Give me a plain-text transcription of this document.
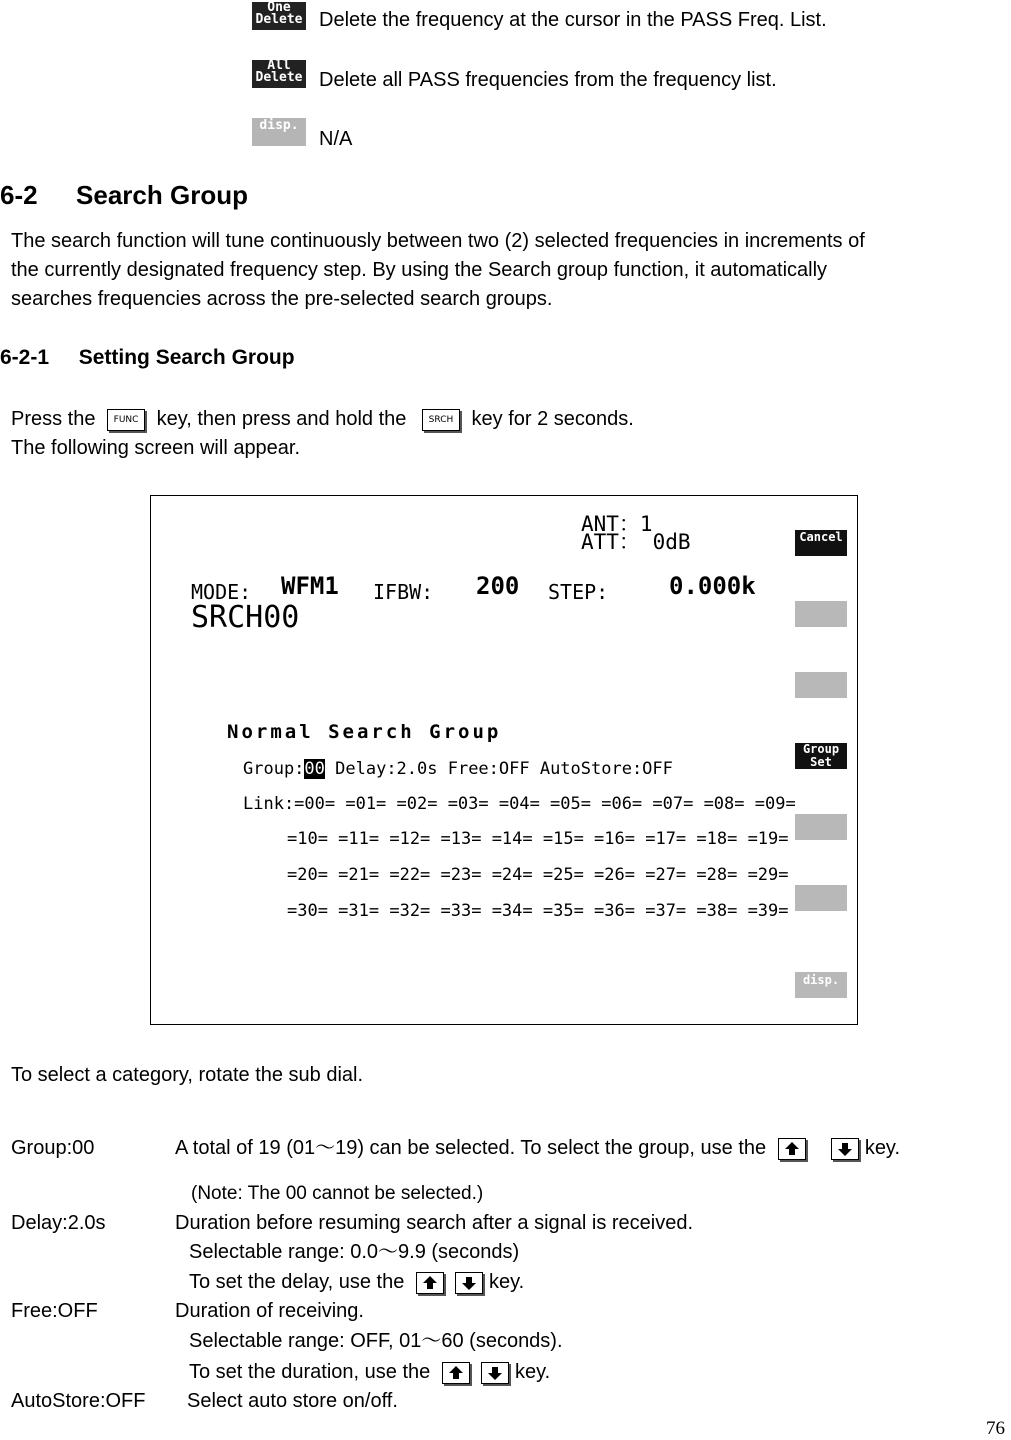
One
Delete Delete the frequency at the cursor in the PASS Freq. List.
All
Delete Delete all PASS frequencies from the frequency list.
disp.
N/A
6-2 Search Group
The search function will tune continuously between two (2) selected frequencies in increments of
the currently designated frequency step. By using the Search group function, it automatically
searches frequencies across the pre-selected search groups.
6-2-1 Setting Search Group
Press the FUNC key, then press and hold the SRCH key for 2 seconds.
The following screen will appear.
ANT：1
ATT： 0dB
MODE: WFM1 IFBW: 200 STEP:	0.000k
SRCH00
Normal Search Group
Group:00 Delay:2.0s Free:OFF AutoStore:OFF
Link:=00= =01= =02= =03= =04= =05= =06= =07= =08= =09=
=10= =11= =12= =13= =14= =15= =16= =17= =18= =19=
=20= =21= =22= =23= =24= =25= =26= =27= =28= =29=
=30= =31= =32= =33= =34= =35= =36= =37= =38= =39=
Cancel
Group
Set
disp.
To select a category, rotate the sub dial.
Group:00	A total of 19 (01～19) can be selected. To select the group, use the
	key.
(Note: The 00 cannot be selected.)
Delay:2.0s	Duration before resuming search after a signal is received.
Selectable range: 0.0～9.9 (seconds)
To set the delay, use the
	key.
Free:OFF	Duration of receiving.
Selectable range: OFF, 01～60 (seconds).
To set the duration, use the
	key.
AutoStore:OFF Select auto store on/off.
76
